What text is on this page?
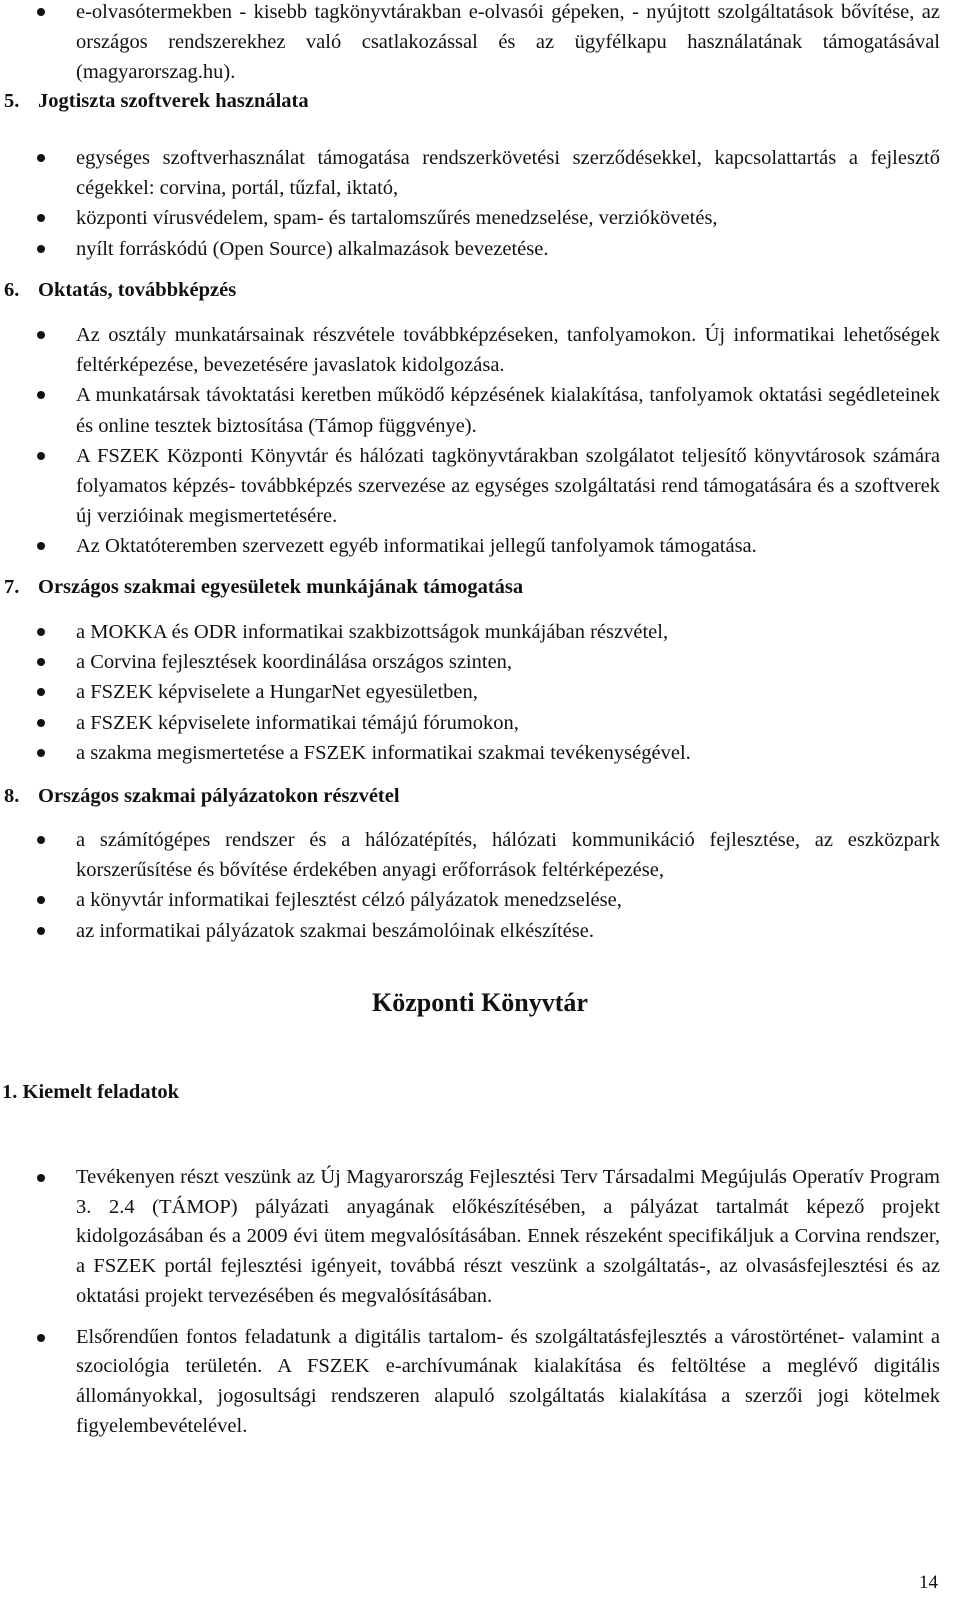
e-olvasótermekben - kisebb tagkönyvtárakban e-olvasói gépeken, - nyújtott szolgáltatások bővítése, az országos rendszerekhez való csatlakozással és az ügyfélkapu használatának támogatásával (magyarorszag.hu).
5. Jogtiszta szoftverek használata
egységes szoftverhasználat támogatása rendszerkövetési szerződésekkel, kapcsolattartás a fejlesztő cégekkel: corvina, portál, tűzfal, iktató,
központi vírusvédelem, spam- és tartalomszűrés menedzselése, verziókövetés,
nyílt forráskódú (Open Source) alkalmazások bevezetése.
6. Oktatás, továbbképzés
Az osztály munkatársainak részvétele továbbképzéseken, tanfolyamokon. Új informatikai lehetőségek feltérképezése, bevezetésére javaslatok kidolgozása.
A munkatársak távoktatási keretben működő képzésének kialakítása, tanfolyamok oktatási segédleteinek és online tesztek biztosítása (Támop függvénye).
A FSZEK Központi Könyvtár és hálózati tagkönyvtárakban szolgálatot teljesítő könyvtárosok számára folyamatos képzés- továbbképzés szervezése az egységes szolgáltatási rend támogatására és a szoftverek új verzióinak megismertetésére.
Az Oktatóteremben szervezett egyéb informatikai jellegű tanfolyamok támogatása.
7. Országos szakmai egyesületek munkájának támogatása
a MOKKA és ODR informatikai szakbizottságok munkájában részvétel,
a Corvina fejlesztések koordinálása országos szinten,
a FSZEK képviselete a HungarNet egyesületben,
a FSZEK képviselete informatikai témájú fórumokon,
a szakma megismertetése a FSZEK informatikai szakmai tevékenységével.
8. Országos szakmai pályázatokon részvétel
a számítógépes rendszer és a hálózatépítés, hálózati kommunikáció fejlesztése, az eszközpark korszerűsítése és bővítése érdekében anyagi erőforrások feltérképezése,
a könyvtár informatikai fejlesztést célzó pályázatok menedzselése,
az informatikai pályázatok szakmai beszámolóinak elkészítése.
Központi Könyvtár
1. Kiemelt feladatok
Tevékenyen részt veszünk az Új Magyarország Fejlesztési Terv Társadalmi Megújulás Operatív Program 3. 2.4 (TÁMOP) pályázati anyagának előkészítésében, a pályázat tartalmát képező projekt kidolgozásában és a 2009 évi ütem megvalósításában. Ennek részeként specifikáljuk a Corvina rendszer, a FSZEK portál fejlesztési igényeit, továbbá részt veszünk a szolgáltatás-, az olvasásfejlesztési és az oktatási projekt tervezésében és megvalósításában.
Elsőrendűen fontos feladatunk a digitális tartalom- és szolgáltatásfejlesztés a várostörténet- valamint a szociológia területén. A FSZEK e-archívumának kialakítása és feltöltése a meglévő digitális állományokkal, jogosultsági rendszeren alapuló szolgáltatás kialakítása a szerzői jogi kötelmek figyelembevételével.
14
